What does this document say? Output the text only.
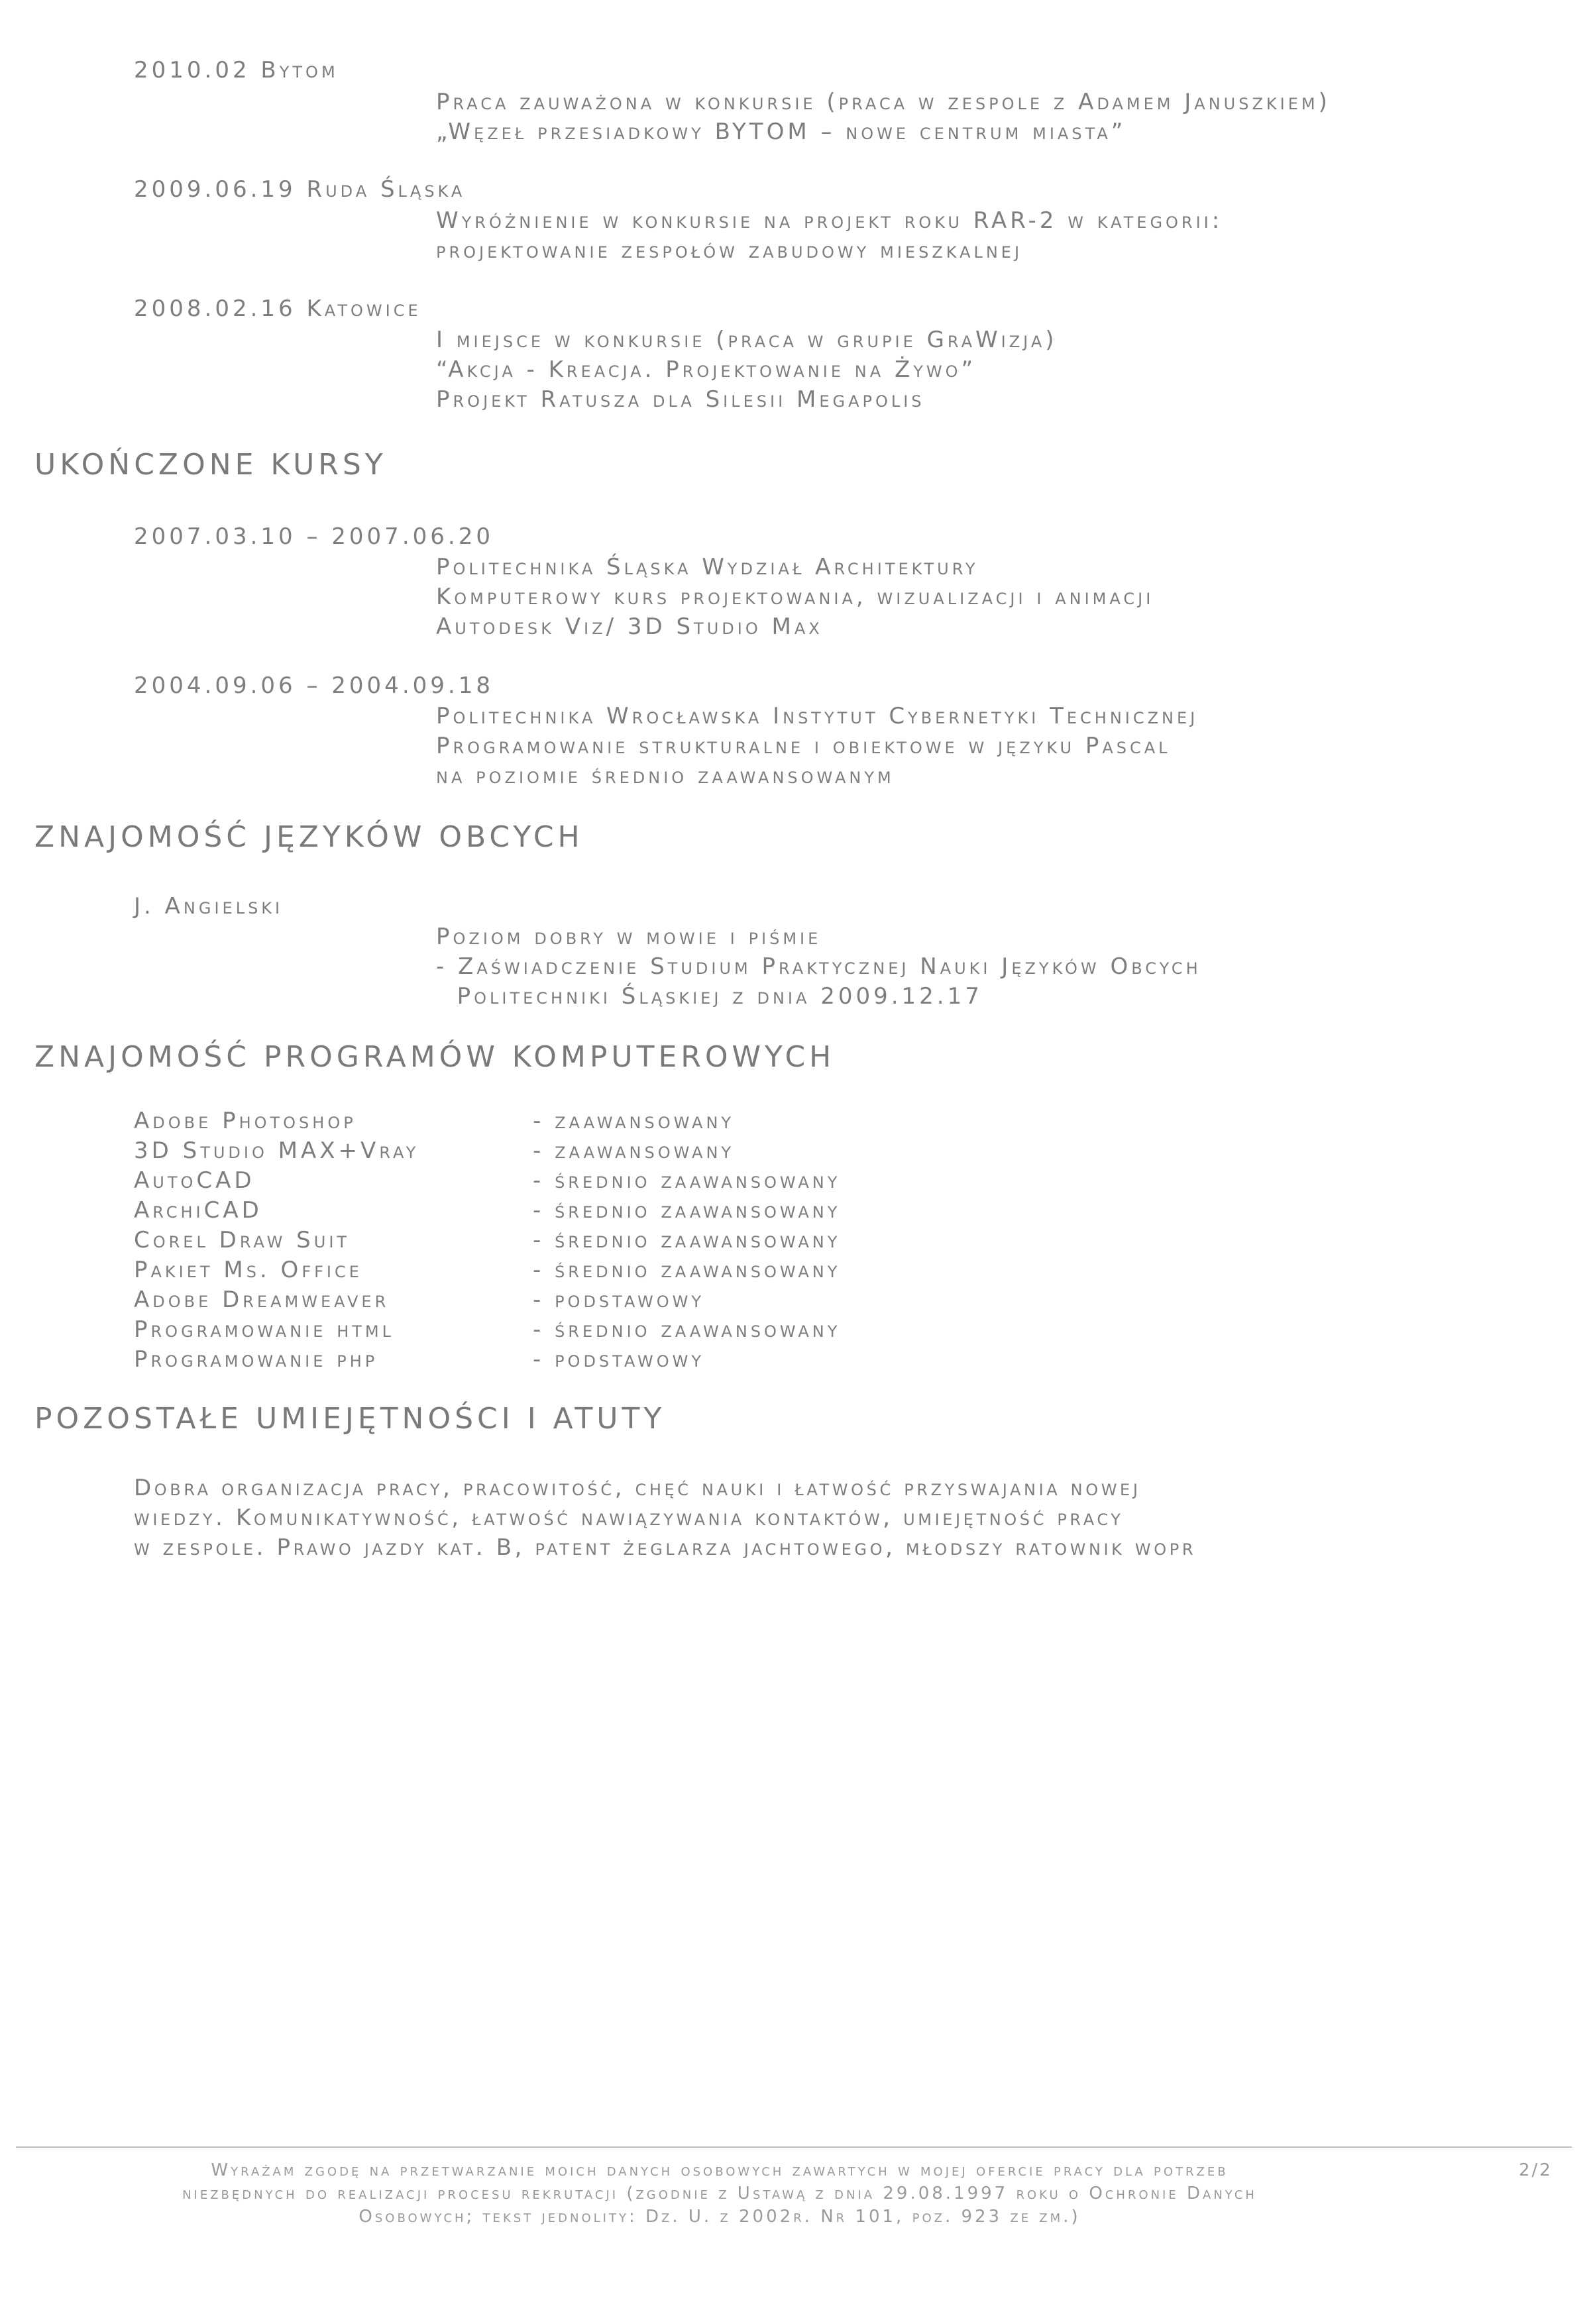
2010.02 Bytom
Praca zauważona w konkursie (praca w zespole z Adamem Januszkiem)
„Węzeł przesiadkowy BYTOM – nowe centrum miasta”
2009.06.19 Ruda Śląska
Wyróżnienie w konkursie na projekt roku RAR-2 w kategorii:
projektowanie zespołów zabudowy mieszkalnej
2008.02.16 Katowice
I miejsce w konkursie (praca w grupie GraWizja)
“Akcja - Kreacja. Projektowanie na Żywo”
Projekt Ratusza dla Silesii Megapolis
UKOŃCZONE KURSY
2007.03.10 – 2007.06.20
Politechnika Śląska Wydział Architektury
Komputerowy kurs projektowania, wizualizacji i animacji
Autodesk Viz/ 3D Studio Max
2004.09.06 – 2004.09.18
Politechnika Wrocławska Instytut Cybernetyki Technicznej
Programowanie strukturalne i obiektowe w języku Pascal
na poziomie średnio zaawansowanym
ZNAJOMOŚĆ JĘZYKÓW OBCYCH
J. Angielski
Poziom dobry w mowie i piśmie
- Zaświadczenie Studium Praktycznej Nauki Języków Obcych
Politechniki Śląskiej z dnia 2009.12.17
ZNAJOMOŚĆ PROGRAMÓW KOMPUTEROWYCH
Adobe Photoshop	- zaawansowany
3D Studio MAX+Vray	- zaawansowany
AutoCAD	- średnio zaawansowany
ArchiCAD	- średnio zaawansowany
Corel Draw Suit	- średnio zaawansowany
Pakiet Ms. Office	- średnio zaawansowany
Adobe Dreamweaver	- podstawowy
Programowanie html	- średnio zaawansowany
Programowanie php	- podstawowy
POZOSTAŁE UMIEJĘTNOŚCI I ATUTY
Dobra organizacja pracy, pracowitość, chęć nauki i łatwość przyswajania nowej
wiedzy. Komunikatywność, łatwość nawiązywania kontaktów, umiejętność pracy
w zespole. Prawo jazdy kat. B, patent żeglarza jachtowego, młodszy ratownik wopr
Wyrażam zgodę na przetwarzanie moich danych osobowych zawartych w mojej ofercie pracy dla potrzeb
niezbędnych do realizacji procesu rekrutacji (zgodnie z Ustawą z dnia 29.08.1997 roku o Ochronie Danych
Osobowych; tekst jednolity: Dz. U. z 2002r. Nr 101, poz. 923 ze zm.)
2/2
